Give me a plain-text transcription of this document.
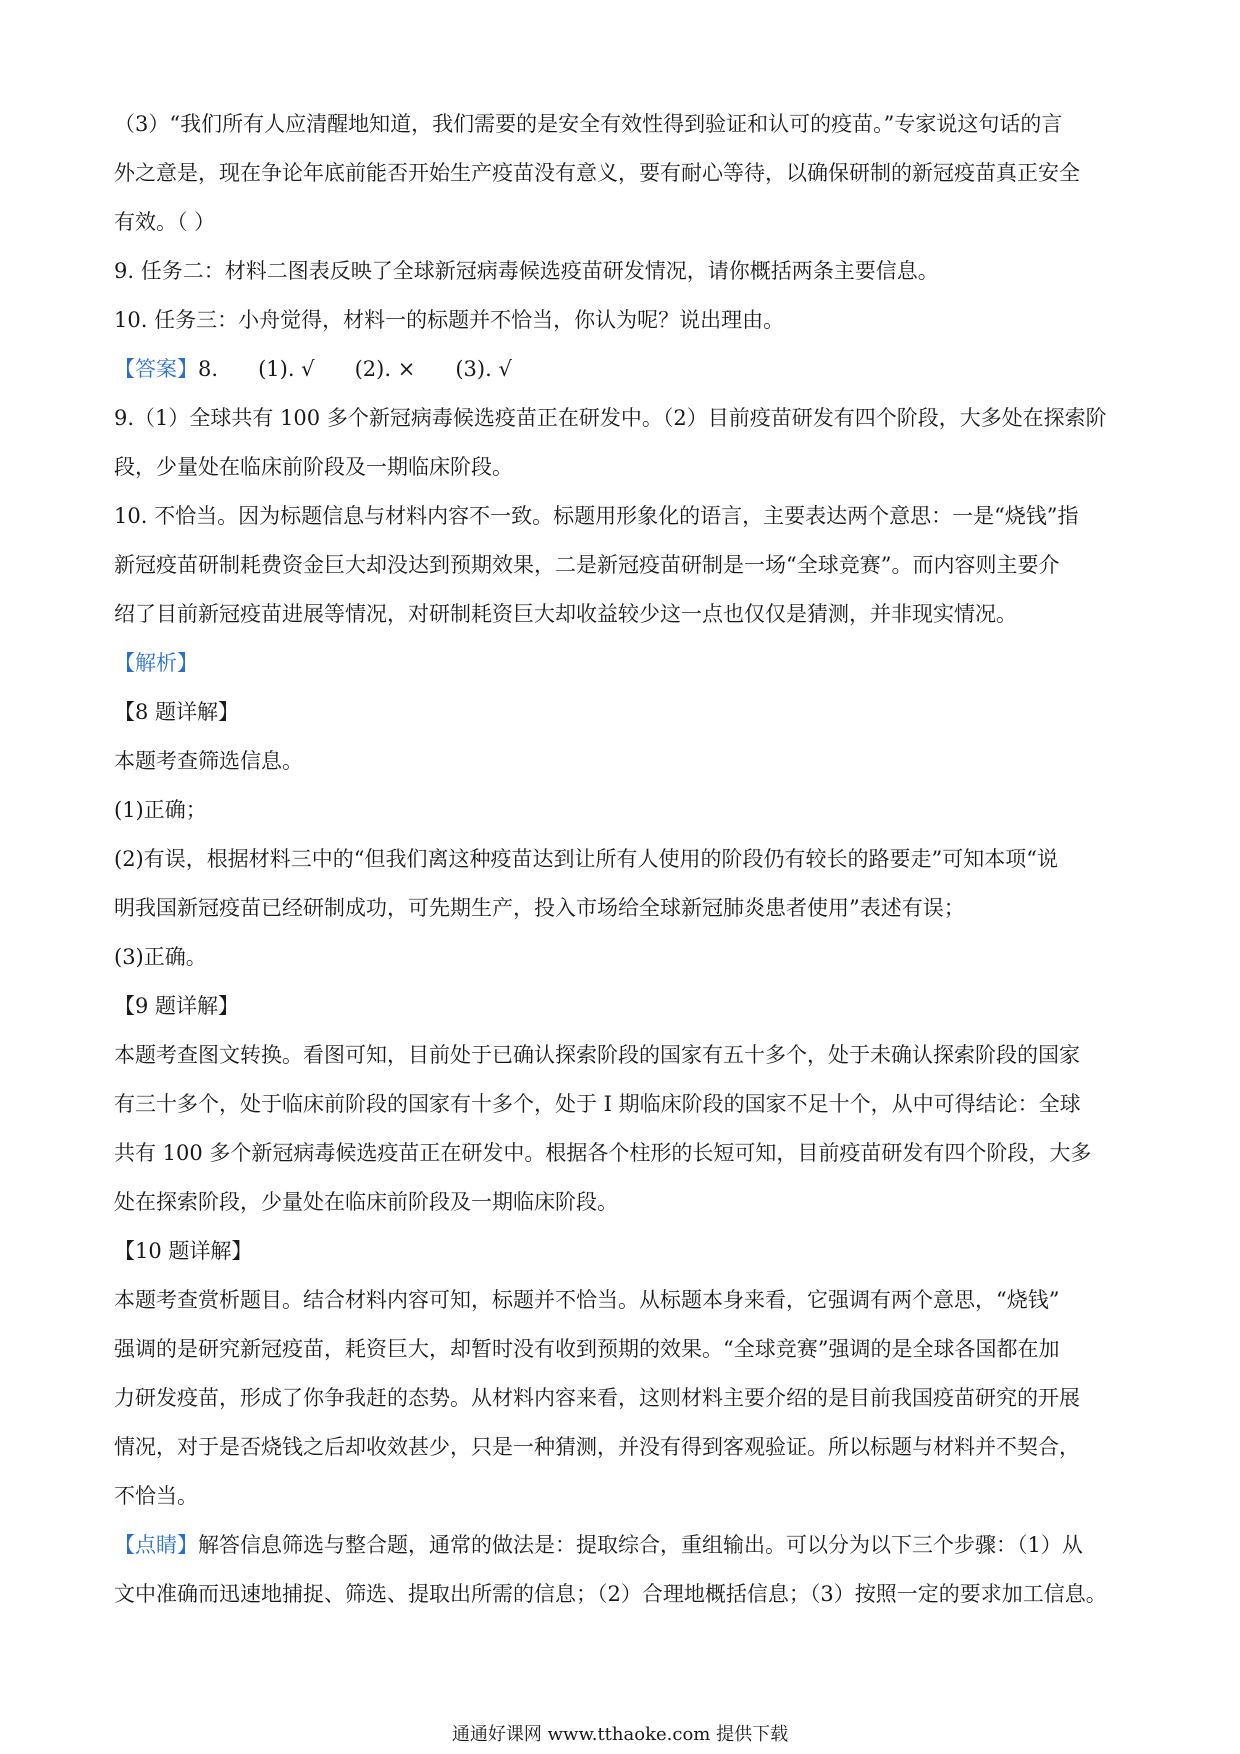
（3）“我们所有人应清醒地知道，我们需要的是安全有效性得到验证和认可的疫苗。”专家说这句话的言
外之意是，现在争论年底前能否开始生产疫苗没有意义，要有耐心等待，以确保研制的新冠疫苗真正安全
有效。（ ）
9. 任务二：材料二图表反映了全球新冠病毒候选疫苗研发情况，请你概括两条主要信息。
10. 任务三：小舟觉得，材料一的标题并不恰当，你认为呢？说出理由。
【答案】8.      (1). √      (2). ×      (3). √
9.（1）全球共有 100 多个新冠病毒候选疫苗正在研发中。（2）目前疫苗研发有四个阶段，大多处在探索阶
段，少量处在临床前阶段及一期临床阶段。
10. 不恰当。因为标题信息与材料内容不一致。标题用形象化的语言，主要表达两个意思：一是“烧钱”指
新冠疫苗研制耗费资金巨大却没达到预期效果，二是新冠疫苗研制是一场“全球竞赛”。而内容则主要介
绍了目前新冠疫苗进展等情况，对研制耗资巨大却收益较少这一点也仅仅是猜测，并非现实情况。
【解析】
【8 题详解】
本题考查筛选信息。
(1)正确；
(2)有误，根据材料三中的“但我们离这种疫苗达到让所有人使用的阶段仍有较长的路要走”可知本项“说
明我国新冠疫苗已经研制成功，可先期生产，投入市场给全球新冠肺炎患者使用”表述有误；
(3)正确。
【9 题详解】
本题考查图文转换。看图可知，目前处于已确认探索阶段的国家有五十多个，处于未确认探索阶段的国家
有三十多个，处于临床前阶段的国家有十多个，处于 I 期临床阶段的国家不足十个，从中可得结论：全球
共有 100 多个新冠病毒候选疫苗正在研发中。根据各个柱形的长短可知，目前疫苗研发有四个阶段，大多
处在探索阶段，少量处在临床前阶段及一期临床阶段。
【10 题详解】
本题考查赏析题目。结合材料内容可知，标题并不恰当。从标题本身来看，它强调有两个意思，“烧钱”
强调的是研究新冠疫苗，耗资巨大，却暂时没有收到预期的效果。“全球竞赛”强调的是全球各国都在加
力研发疫苗，形成了你争我赶的态势。从材料内容来看，这则材料主要介绍的是目前我国疫苗研究的开展
情况，对于是否烧钱之后却收效甚少，只是一种猜测，并没有得到客观验证。所以标题与材料并不契合，
不恰当。
【点睛】解答信息筛选与整合题，通常的做法是：提取综合，重组输出。可以分为以下三个步骤：（1）从
文中准确而迅速地捕捉、筛选、提取出所需的信息；（2）合理地概括信息；（3）按照一定的要求加工信息。
通通好课网 www.tthaoke.com 提供下载
